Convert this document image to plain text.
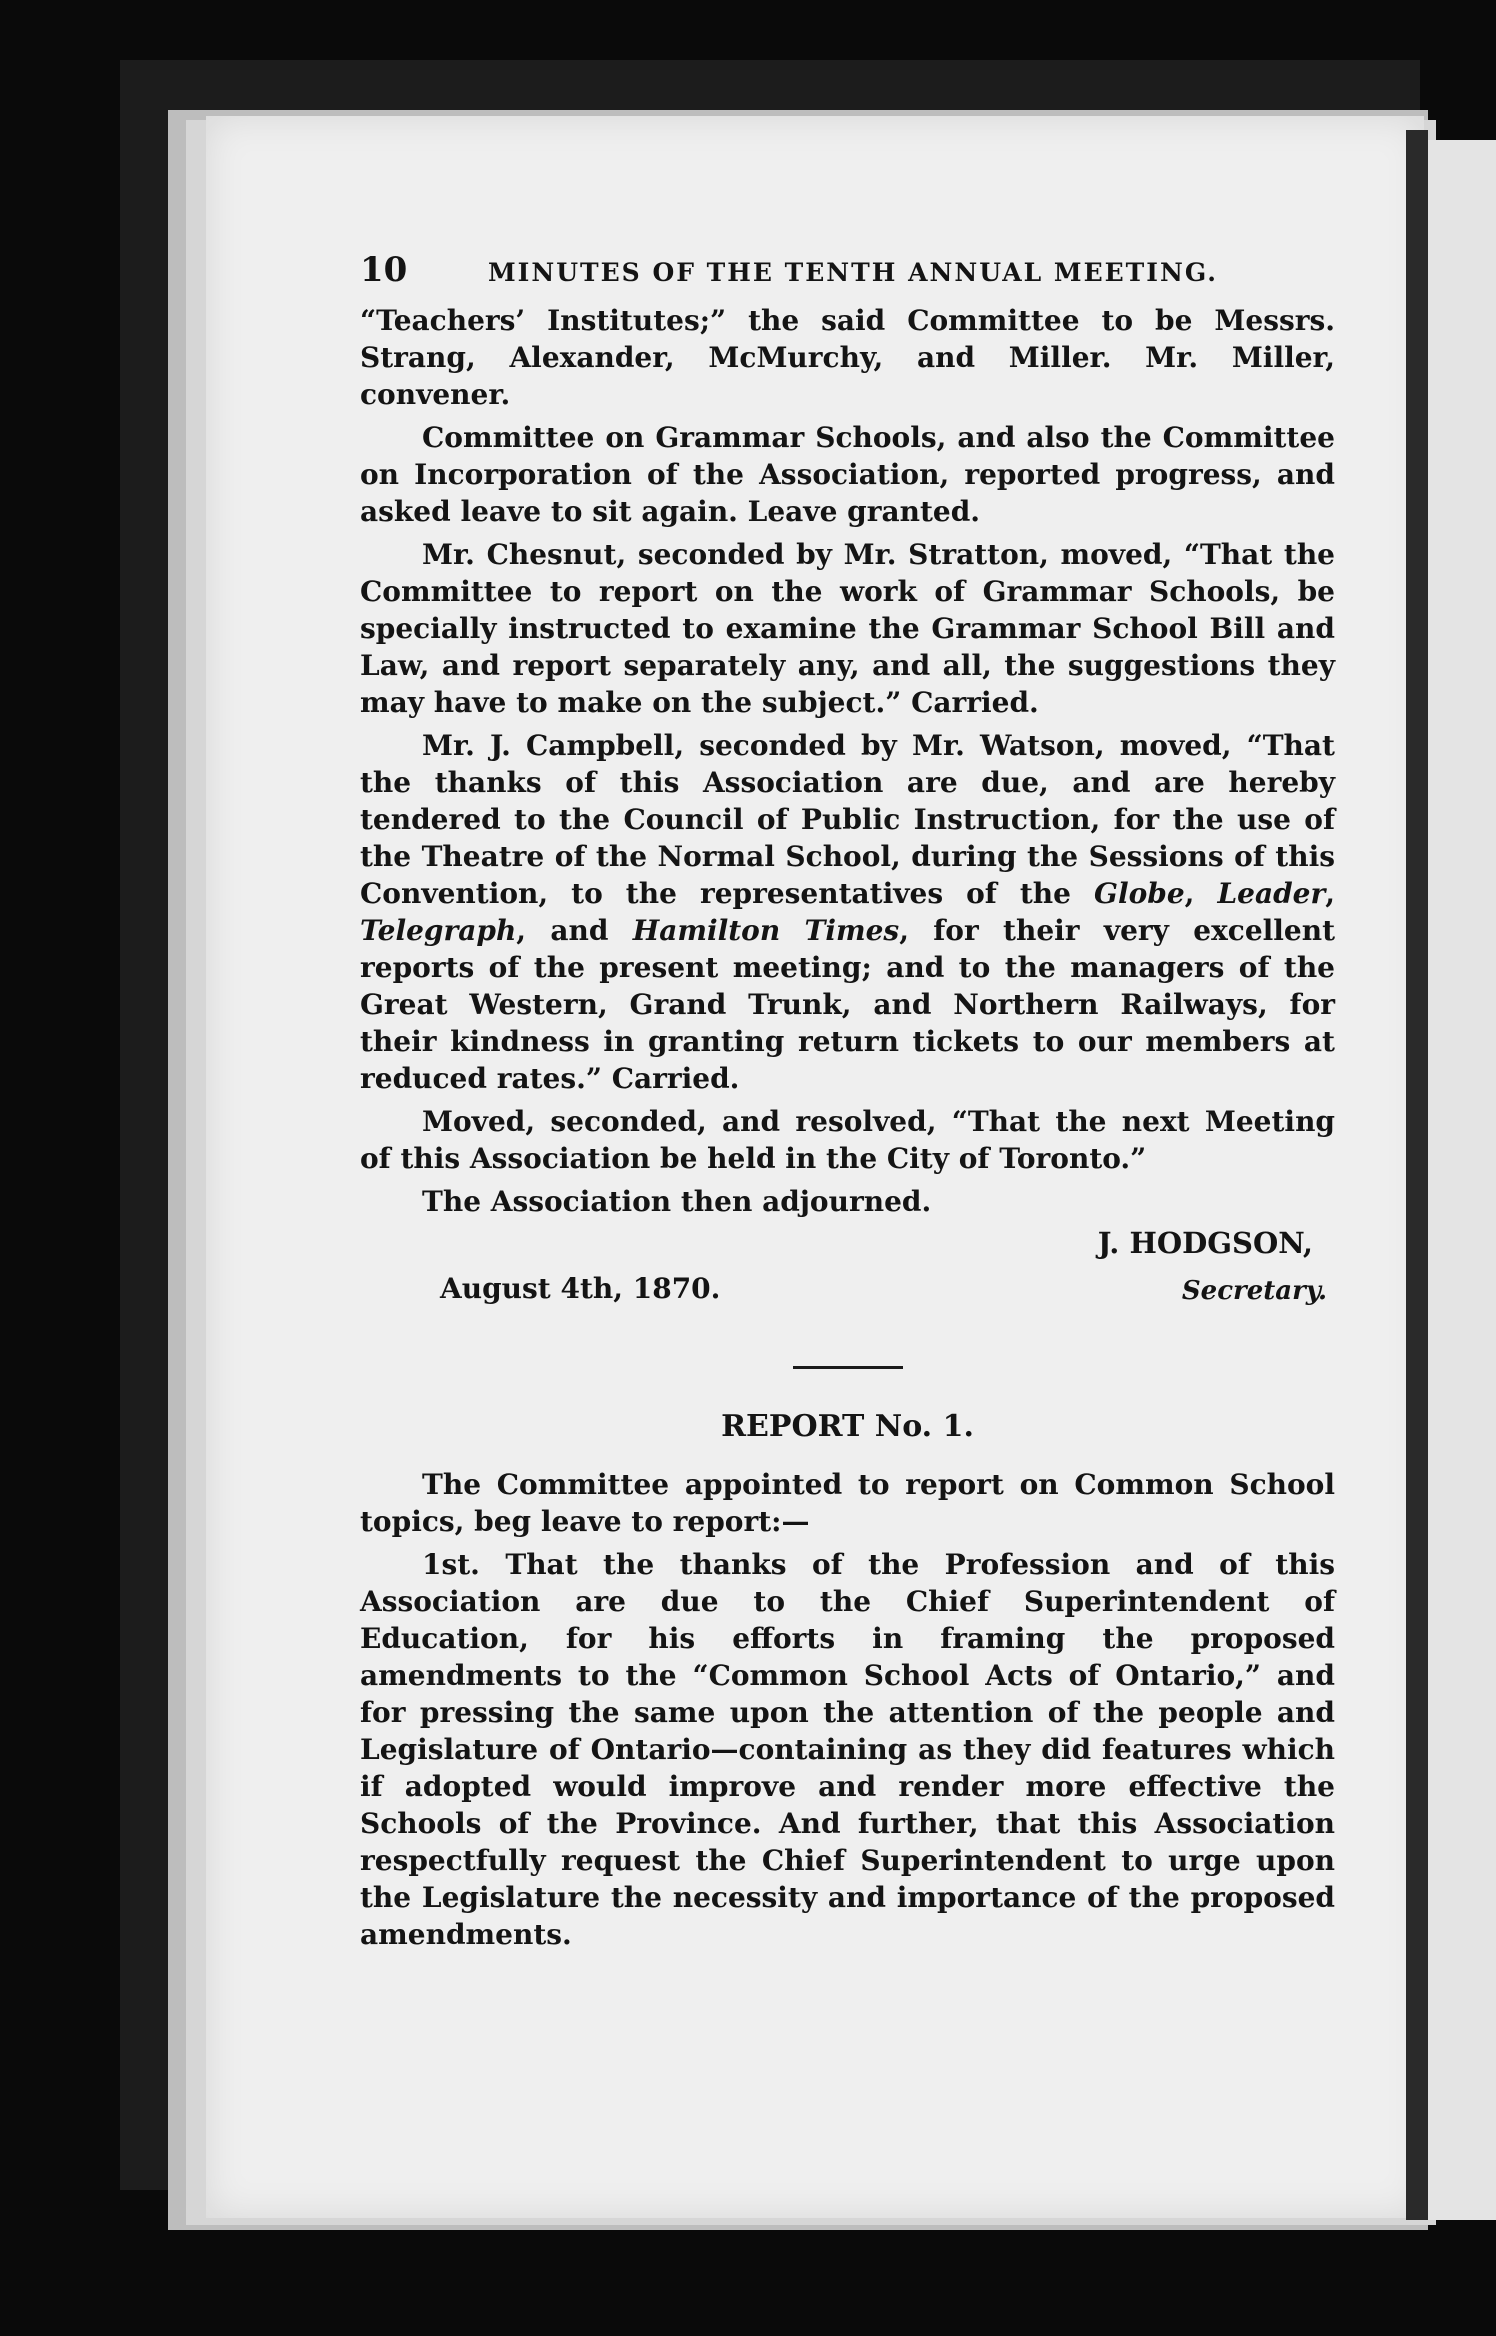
10	MINUTES OF THE TENTH ANNUAL MEETING.

“Teachers’ Institutes;” the said Committee to be Messrs. Strang, Alexander, McMurchy, and Miller. Mr. Miller, convener.

Committee on Grammar Schools, and also the Committee on Incorporation of the Association, reported progress, and asked leave to sit again. Leave granted.

Mr. Chesnut, seconded by Mr. Stratton, moved, “That the Committee to report on the work of Grammar Schools, be specially instructed to examine the Grammar School Bill and Law, and report separately any, and all, the suggestions they may have to make on the subject.” Carried.

Mr. J. Campbell, seconded by Mr. Watson, moved, “That the thanks of this Association are due, and are hereby tendered to the Council of Public Instruction, for the use of the Theatre of the Normal School, during the Sessions of this Convention, to the representatives of the Globe, Leader, Telegraph, and Hamilton Times, for their very excellent reports of the present meeting; and to the managers of the Great Western, Grand Trunk, and Northern Railways, for their kindness in granting return tickets to our members at reduced rates.” Carried.

Moved, seconded, and resolved, “That the next Meeting of this Association be held in the City of Toronto.”

The Association then adjourned.

J. HODGSON,
August 4th, 1870.	Secretary.
REPORT No. 1.

The Committee appointed to report on Common School topics, beg leave to report:—

1st. That the thanks of the Profession and of this Association are due to the Chief Superintendent of Education, for his efforts in framing the proposed amendments to the “Common School Acts of Ontario,” and for pressing the same upon the attention of the people and Legislature of Ontario—containing as they did features which if adopted would improve and render more effective the Schools of the Province. And further, that this Association respectfully request the Chief Superintendent to urge upon the Legislature the necessity and importance of the proposed amendments.
